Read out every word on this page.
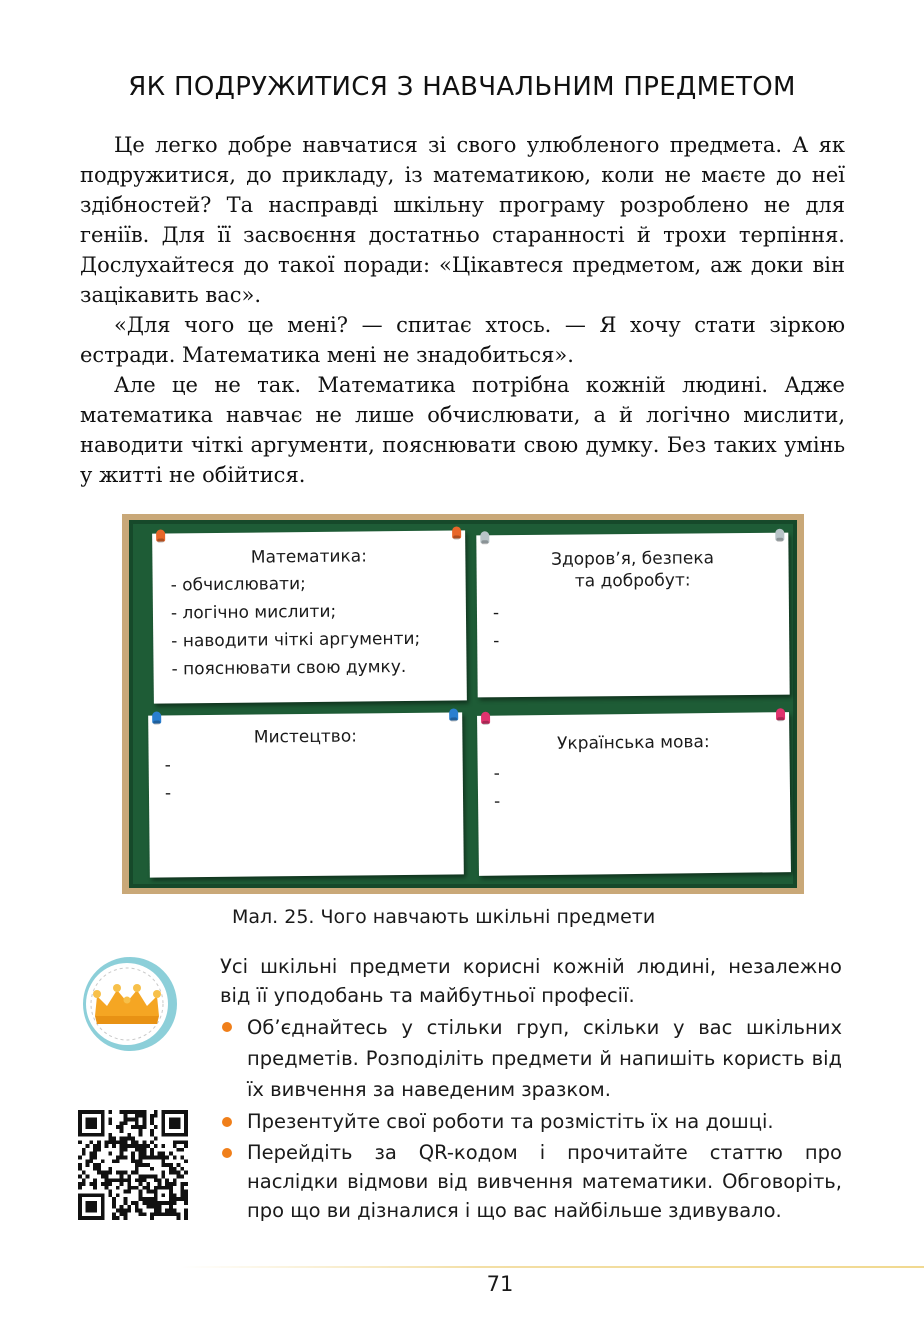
ЯК ПОДРУЖИТИСЯ З НАВЧАЛЬНИМ ПРЕДМЕТОМ

Це легко добре навчатися зі свого улюбленого предмета. А як подружитися, до прикладу, із математикою, коли не маєте до неї здібностей? Та насправді шкільну програму розроблено не для геніїв. Для її засвоєння достатньо старанності й трохи терпіння. Дослухайтеся до такої поради: «Цікавтеся предметом, аж доки він зацікавить вас».

«Для чого це мені? — спитає хтось. — Я хочу стати зіркою естради. Математика мені не знадобиться».

Але це не так. Математика потрібна кожній людині. Адже математика навчає не лише обчислювати, а й логічно мислити, наводити чіткі аргументи, пояснювати свою думку. Без таких умінь у житті не обійтися.

Математика:
- обчислювати;
- логічно мислити;
- наводити чіткі аргументи;
- пояснювати свою думку.
Здоров’я, безпека
та добробут:
-
-
Мистецтво:
-
-
Українська мова:
-
-
Мал. 25. Чого навчають шкільні предмети
Усі шкільні предмети корисні кожній людині, незалежно від її уподобань та майбутньої професії.
Об’єднайтесь у стільки груп, скільки у вас шкільних предметів. Розподіліть предмети й напишіть користь від їх вивчення за наведеним зразком.
Презентуйте свої роботи та розмістіть їх на дошці.
Перейдіть за QR-кодом і прочитайте статтю про наслідки відмови від вивчення математики. Обговоріть, про що ви дізналися і що вас найбільше здивувало.
71
